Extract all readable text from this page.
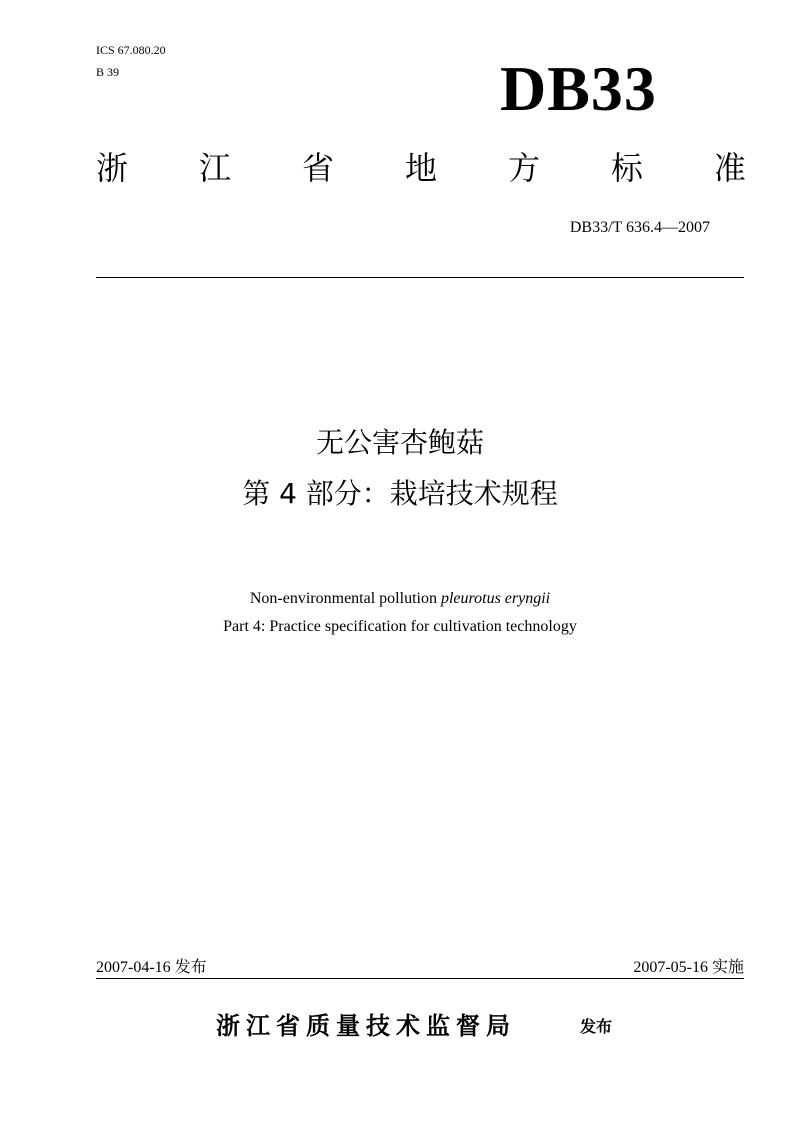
ICS 67.080.20
B 39	DB33
浙 江 省 地 方 标 准
DB33/T 636.4—2007
无公害杏鲍菇
第 4 部分：栽培技术规程
Non-environmental pollution pleurotus eryngii
Part 4: Practice specification for cultivation technology
2007-04-16 发布	2007-05-16 实施
浙江省质量技术监督局	发布
